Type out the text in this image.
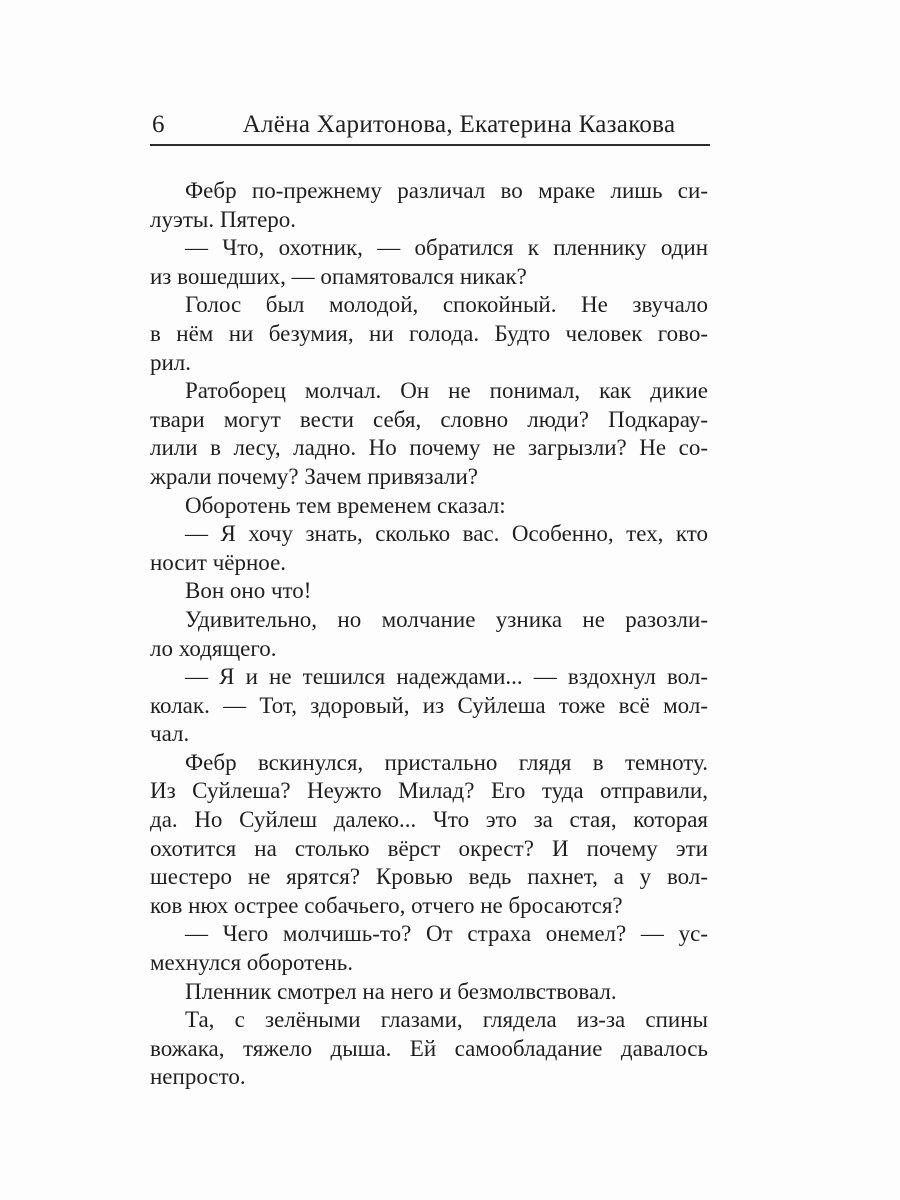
6	Алёна Харитонова, Екатерина Казакова
Фебр по-прежнему различал во мраке лишь си-
луэты. Пятеро.
— Что, охотник, — обратился к пленнику один
из вошедших, — опамятовался никак?
Голос был молодой, спокойный. Не звучало
в нём ни безумия, ни голода. Будто человек гово-
рил.
Ратоборец молчал. Он не понимал, как дикие
твари могут вести себя, словно люди? Подкарау-
лили в лесу, ладно. Но почему не загрызли? Не со-
жрали почему? Зачем привязали?
Оборотень тем временем сказал:
— Я хочу знать, сколько вас. Особенно, тех, кто
носит чёрное.
Вон оно что!
Удивительно, но молчание узника не разозли-
ло ходящего.
— Я и не тешился надеждами... — вздохнул вол-
колак. — Тот, здоровый, из Суйлеша тоже всё мол-
чал.
Фебр вскинулся, пристально глядя в темноту.
Из Суйлеша? Неужто Милад? Его туда отправили,
да. Но Суйлеш далеко... Что это за стая, которая
охотится на столько вёрст окрест? И почему эти
шестеро не ярятся? Кровью ведь пахнет, а у вол-
ков нюх острее собачьего, отчего не бросаются?
— Чего молчишь-то? От страха онемел? — ус-
мехнулся оборотень.
Пленник смотрел на него и безмолвствовал.
Та, с зелёными глазами, глядела из-за спины
вожака, тяжело дыша. Ей самообладание давалось
непросто.
